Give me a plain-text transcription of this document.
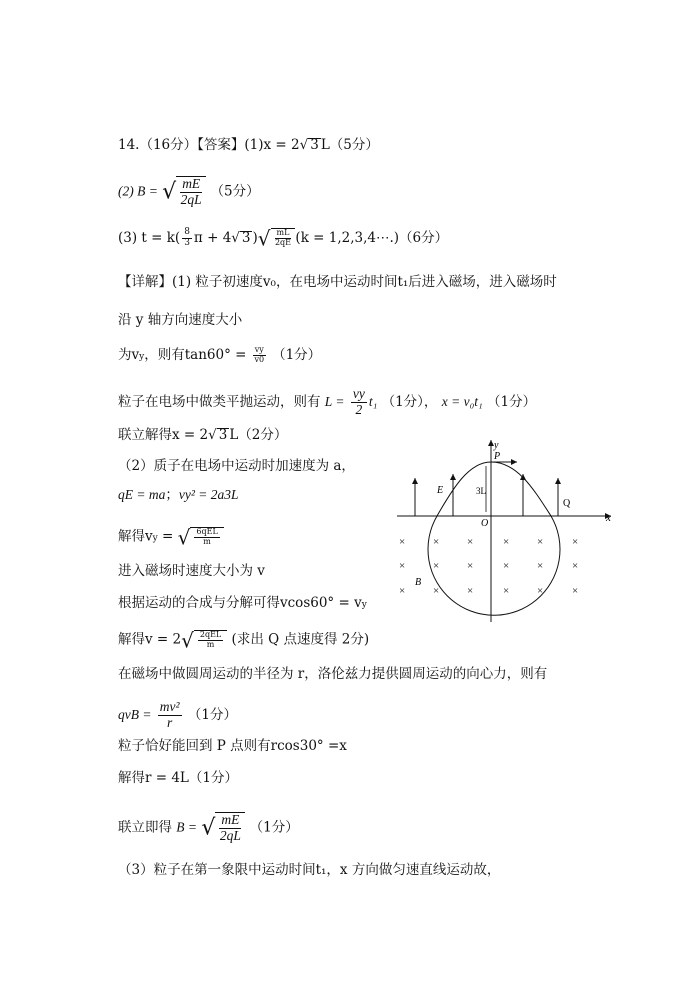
14.（16分）【答案】(1)x = 2√ 3 L（5分）
(2) B = √ $\frac{mE}{2qL} (5$分）
(3) $t = k( \frac{8}{3}$ π + 4√ 3 )√ $\frac{mL}{2qE} (k$ = 1,2,3,4⋯.)（6分）
【详解】(1) 粒子初速度v₀，在电场中运动时间t₁后进入磁场，进入磁场时
沿 y 轴方向速度大小
为vy，则有$\tan 60^\circ = \frac{vy}{v0} (1$分）
粒子在电场中做类平抛运动，则有 $L = \frac{vy}{2} t_1$ （1分）， x = v₀t₁ （1分）
联立解得x = 2√ 3 L（2分）
（2）质子在电场中运动时加速度为 a，
qE = ma；vy² = 2a3L
解得vy = √ $\frac{\text{6qEL}}{m}$
进入磁场时速度大小为 v
根据运动的合成与分解可得vcos60° = vy
解得$v = 2√ \frac{\text{2qEL}}{m}$ (求出 Q 点速度得 2分)
在磁场中做圆周运动的半径为 r，洛伦兹力提供圆周运动的向心力，则有
qvB = $\frac{\text{mv²}}{r} (1$分）
粒子恰好能回到 P 点则有rcos30° =x
解得r = 4L（1分）
联立即得 B = √ $\frac{mE}{2qL} (1$分）
（3）粒子在第一象限中运动时间t₁，x 方向做匀速直线运动故，
x
y
P
3L
O
E
Q
B
×	×	×	×	×	×
×	×	×	×	×	×
×	×	×	×	×	×
